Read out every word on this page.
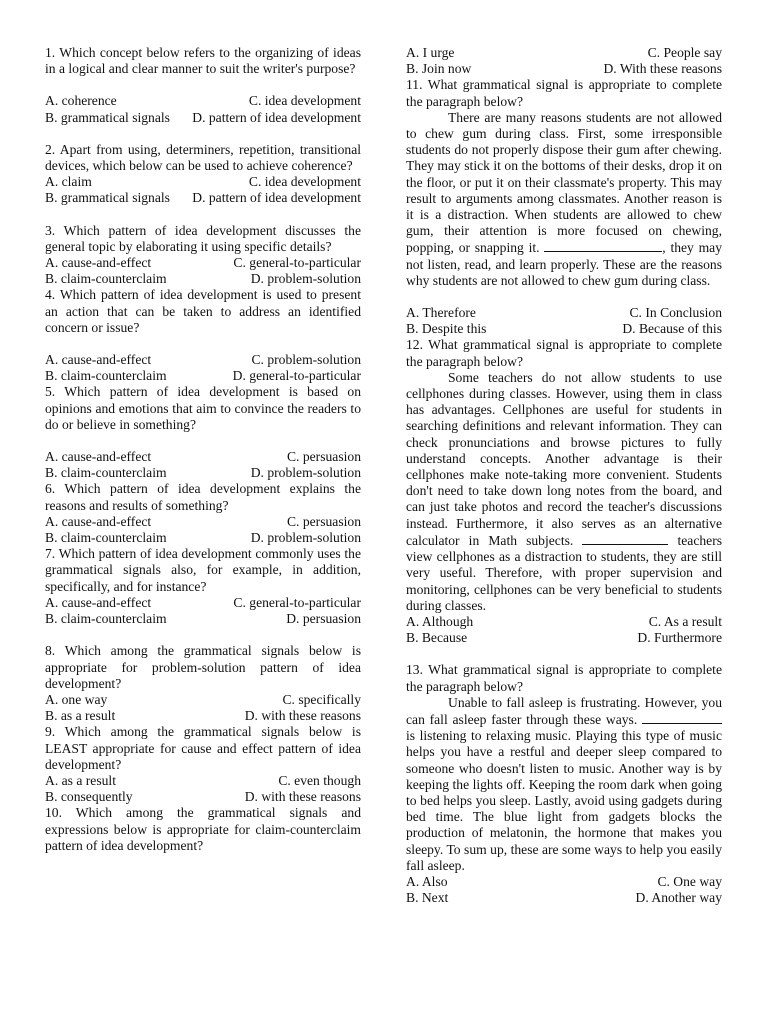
1. Which concept below refers to the organizing of ideas in a logical and clear manner to suit the writer's purpose?

A. coherence	C. idea development
B. grammatical signals	D. pattern of idea development

2. Apart from using, determiners, repetition, transitional devices, which below can be used to achieve coherence?

A. claim	C. idea development
B. grammatical signals	D. pattern of idea development

3. Which pattern of idea development discusses the general topic by elaborating it using specific details?

A. cause-and-effect	C. general-to-particular
B. claim-counterclaim	D. problem-solution

4. Which pattern of idea development is used to present an action that can be taken to address an identified concern or issue?

A. cause-and-effect	C. problem-solution
B. claim-counterclaim	D. general-to-particular

5. Which pattern of idea development is based on opinions and emotions that aim to convince the readers to do or believe in something?

A. cause-and-effect	C. persuasion
B. claim-counterclaim	D. problem-solution

6. Which pattern of idea development explains the reasons and results of something?

A. cause-and-effect	C. persuasion
B. claim-counterclaim	D. problem-solution

7. Which pattern of idea development commonly uses the grammatical signals also, for example, in addition, specifically, and for instance?

A. cause-and-effect	C. general-to-particular
B. claim-counterclaim	D. persuasion

8. Which among the grammatical signals below is appropriate for problem-solution pattern of idea development?

A. one way	C. specifically
B. as a result	D. with these reasons

9. Which among the grammatical signals below is LEAST appropriate for cause and effect pattern of idea development?

A. as a result	C. even though
B. consequently	D. with these reasons

10. Which among the grammatical signals and expressions below is appropriate for claim-counterclaim pattern of idea development?

A. I urge	C. People say
B. Join now	D. With these reasons

11. What grammatical signal is appropriate to complete the paragraph below?

There are many reasons students are not allowed to chew gum during class. First, some irresponsible students do not properly dispose their gum after chewing. They may stick it on the bottoms of their desks, drop it on the floor, or put it on their classmate's property. This may result to arguments among classmates. Another reason is it is a distraction. When students are allowed to chew gum, their attention is more focused on chewing, popping, or snapping it.	, they may not listen, read, and learn properly. These are the reasons why students are not allowed to chew gum during class.

A. Therefore	C. In Conclusion
B. Despite this	D. Because of this

12. What grammatical signal is appropriate to complete the paragraph below?

Some teachers do not allow students to use cellphones during classes. However, using them in class has advantages. Cellphones are useful for students in searching definitions and relevant information. They can check pronunciations and browse pictures to fully understand concepts. Another advantage is their cellphones make note-taking more convenient. Students don't need to take down long notes from the board, and can just take photos and record the teacher's discussions instead. Furthermore, it also serves as an alternative calculator in Math subjects.	teachers view cellphones as a distraction to students, they are still very useful. Therefore, with proper supervision and monitoring, cellphones can be very beneficial to students during classes.

A. Although	C. As a result
B. Because	D. Furthermore

13. What grammatical signal is appropriate to complete the paragraph below?

Unable to fall asleep is frustrating. However, you can fall asleep faster through these ways.  is listening to relaxing music. Playing this type of music helps you have a restful and deeper sleep compared to someone who doesn't listen to music. Another way is by keeping the lights off. Keeping the room dark when going to bed helps you sleep. Lastly, avoid using gadgets during bed time. The blue light from gadgets blocks the production of melatonin, the hormone that makes you sleepy. To sum up, these are some ways to help you easily fall asleep.

A. Also	C. One way
B. Next	D. Another way
